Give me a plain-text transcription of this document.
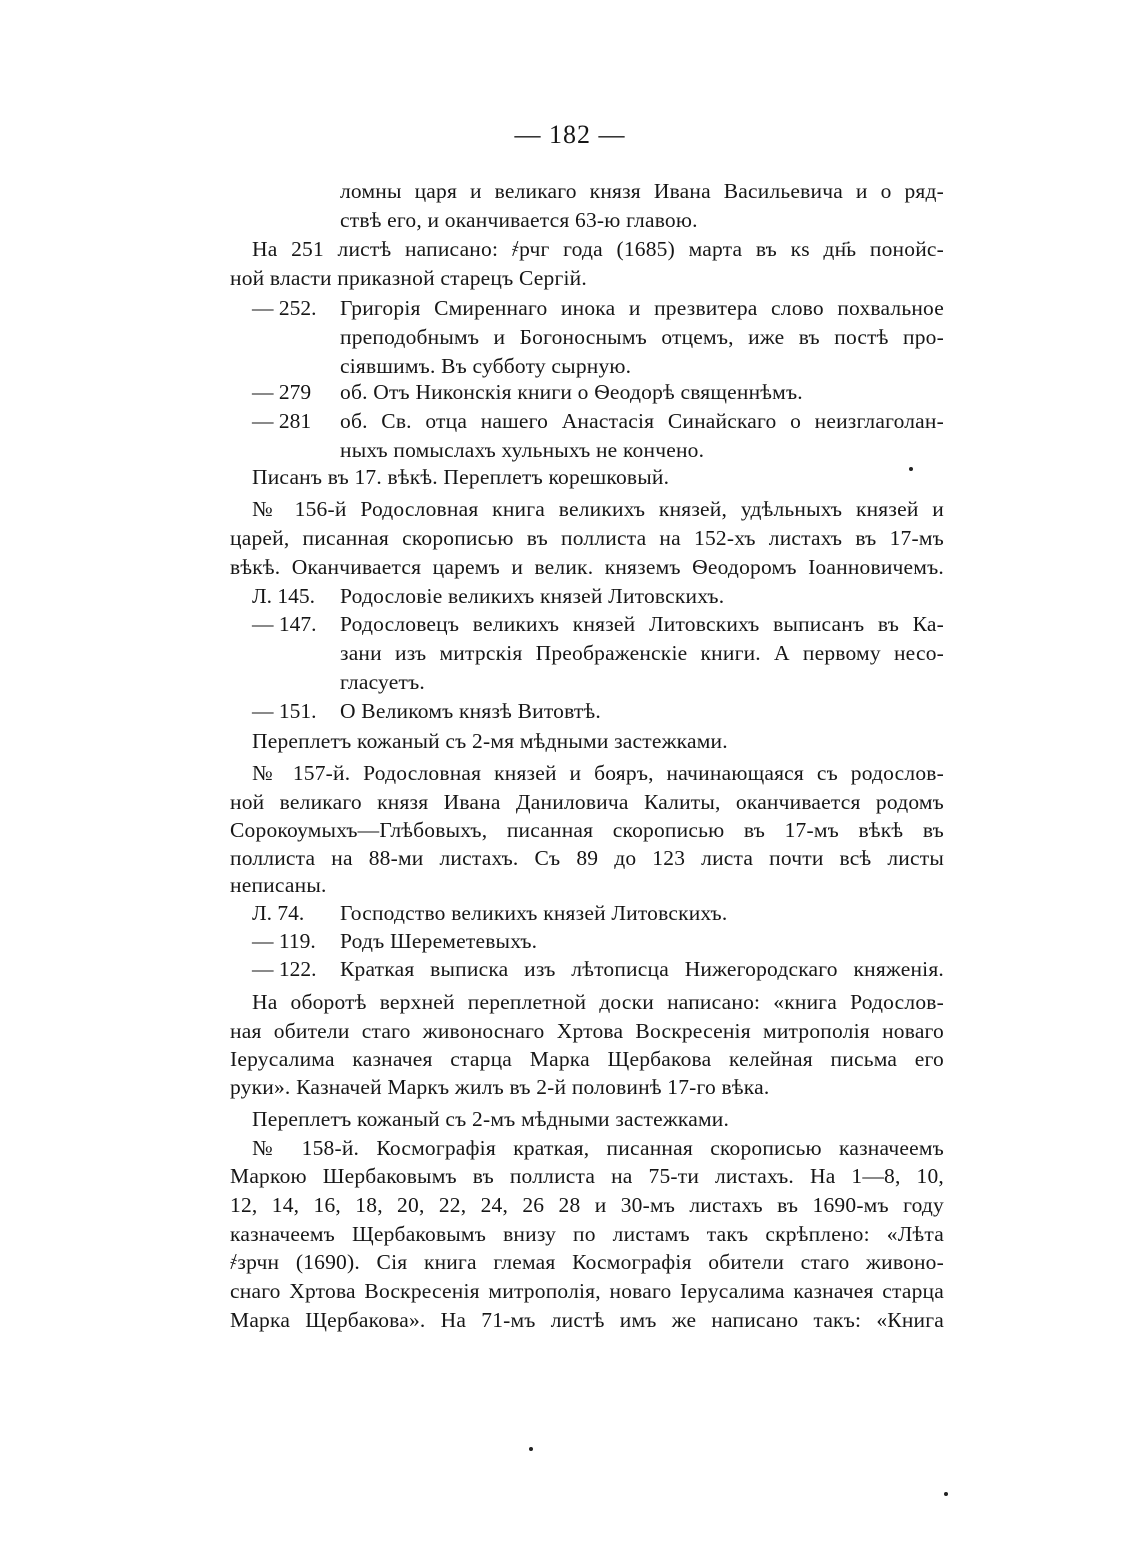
— 182 —
ломны царя и великаго князя Ивана Васильевича и о ряд-
ствѣ его, и оканчивается 63-ю главою.
На 251 листѣ написано: ҂рчг года (1685) марта въ кѕ дн҃ь понойс-
ной власти приказной старецъ Сергій.
— 252. Григорія Смиреннаго инока и презвитера слово похвальное
преподобнымъ и Богоноснымъ отцемъ, иже въ постѣ про-
сіявшимъ. Въ субботу сырную.
— 279 об. Отъ Никонскія книги о Ѳеодорѣ священнѣмъ.
— 281 об. Св. отца нашего Анастасія Синайскаго о неизглаголан-
ныхъ помыслахъ хульныхъ не кончено.
Писанъ въ 17. вѣкѣ. Переплетъ корешковый.
№ 156-й Родословная книга великихъ князей, удѣльныхъ князей и
царей, писанная скорописью въ поллиста на 152-хъ листахъ въ 17-мъ
вѣкѣ. Оканчивается царемъ и велик. княземъ Ѳеодоромъ Іоанновичемъ.
Л. 145. Родословіе великихъ князей Литовскихъ.
— 147. Родословецъ великихъ князей Литовскихъ выписанъ въ Ка-
зани изъ митрскія Преображенскіе книги. А первому несо-
гласуетъ.
— 151. О Великомъ князѣ Витовтѣ.
Переплетъ кожаный съ 2-мя мѣдными застежками.
№ 157-й. Родословная князей и бояръ, начинающаяся съ родослов-
ной великаго князя Ивана Даниловича Калиты, оканчивается родомъ
Сорокоумыхъ—Глѣбовыхъ, писанная скорописью въ 17-мъ вѣкѣ въ
поллиста на 88-ми листахъ. Съ 89 до 123 листа почти всѣ листы
неписаны.
Л. 74. Господство великихъ князей Литовскихъ.
— 119. Родъ Шереметевыхъ.
— 122. Краткая выписка изъ лѣтописца Нижегородскаго княженія.
На оборотѣ верхней переплетной доски написано: «книга Родослов-
ная обители стаго живоноснаго Хртова Воскресенія митрополія новаго
Іерусалима казначея старца Марка Щербакова келейная письма его
руки». Казначей Маркъ жилъ въ 2-й половинѣ 17-го вѣка.
Переплетъ кожаный съ 2-мъ мѣдными застежками.
№ 158-й. Космографія краткая, писанная скорописью казначеемъ
Маркою Шербаковымъ въ поллиста на 75-ти листахъ. На 1—8, 10,
12, 14, 16, 18, 20, 22, 24, 26 28 и 30-мъ листахъ въ 1690-мъ году
казначеемъ Щербаковымъ внизу по листамъ такъ скрѣплено: «Лѣта
҂зрчн (1690). Сія книга глемая Космографія обители стаго живоно-
снаго Хртова Воскресенія митрополія, новаго Іерусалима казначея старца
Марка Щербакова». На 71-мъ листѣ имъ же написано такъ: «Книга
